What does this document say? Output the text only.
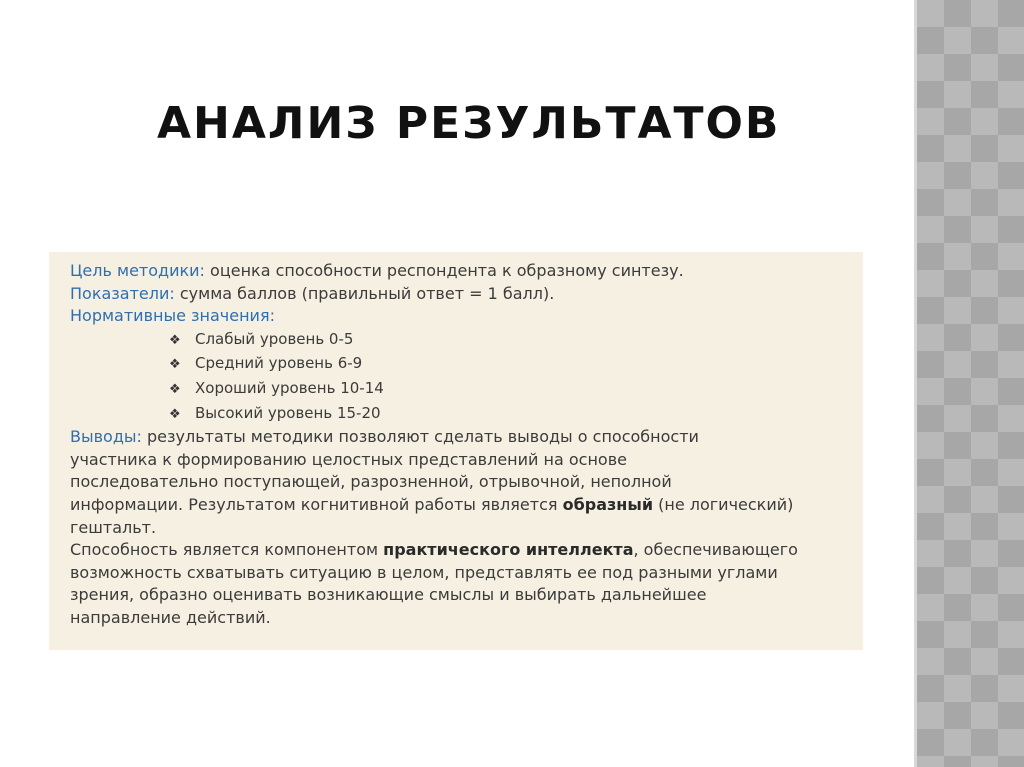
АНАЛИЗ РЕЗУЛЬТАТОВ
Цель методики: оценка способности респондента к образному синтезу.
Показатели: сумма баллов (правильный ответ = 1 балл).
Нормативные значения:
❖ Слабый уровень 0-5
❖ Средний уровень 6-9
❖ Хороший уровень 10-14
❖ Высокий уровень 15-20
Выводы: результаты методики позволяют сделать выводы о способности
участника к формированию целостных представлений на основе
последовательно поступающей, разрозненной, отрывочной, неполной
информации. Результатом когнитивной работы является образный (не логический)
гештальт.
Способность является компонентом практического интеллекта, обеспечивающего
возможность схватывать ситуацию в целом, представлять ее под разными углами
зрения, образно оценивать возникающие смыслы и выбирать дальнейшее
направление действий.
